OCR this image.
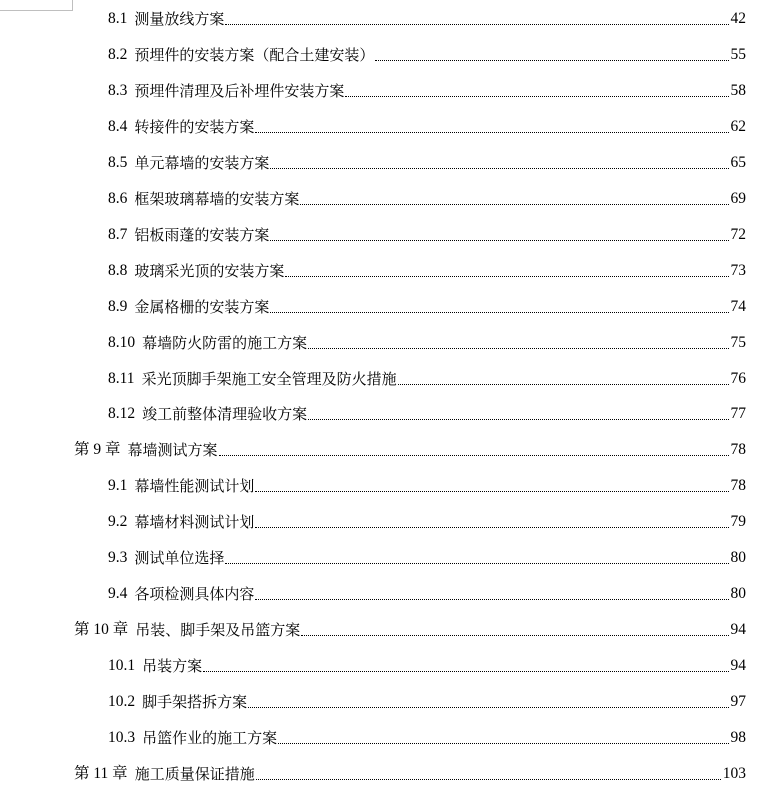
8.1 测量放线方案	42
8.2 预埋件的安装方案（配合土建安装）	55
8.3 预埋件清理及后补埋件安装方案	58
8.4 转接件的安装方案	62
8.5 单元幕墙的安装方案	65
8.6 框架玻璃幕墙的安装方案	69
8.7 铝板雨蓬的安装方案	72
8.8 玻璃采光顶的安装方案	73
8.9 金属格栅的安装方案	74
8.10 幕墙防火防雷的施工方案	75
8.11 采光顶脚手架施工安全管理及防火措施	76
8.12 竣工前整体清理验收方案	77
第 9 章 幕墙测试方案	78
9.1 幕墙性能测试计划	78
9.2 幕墙材料测试计划	79
9.3 测试单位选择	80
9.4 各项检测具体内容	80
第 10 章 吊装、脚手架及吊篮方案	94
10.1 吊装方案	94
10.2 脚手架搭拆方案	97
10.3 吊篮作业的施工方案	98
第 11 章 施工质量保证措施	103
